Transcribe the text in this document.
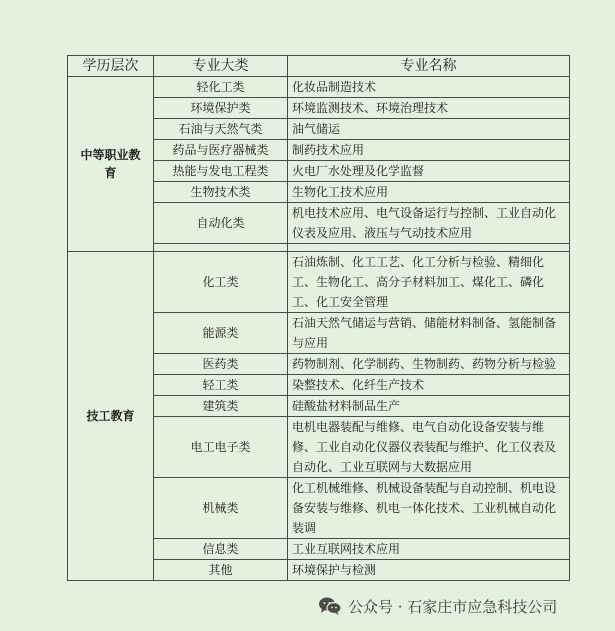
学历层次	专业大类	专业名称
中等职业教育	轻化工类	化妆品制造技术
	环境保护类	环境监测技术、环境治理技术
	石油与天然气类	油气储运
	药品与医疗器械类	制药技术应用
	热能与发电工程类	火电厂水处理及化学监督
	生物技术类	生物化工技术应用
	自动化类	机电技术应用、电气设备运行与控制、工业自动化仪表及应用、液压与气动技术应用

技工教育	化工类	石油炼制、化工工艺、化工分析与检验、精细化工、生物化工、高分子材料加工、煤化工、磷化工、化工安全管理
	能源类	石油天然气储运与营销、储能材料制备、氢能制备与应用
	医药类	药物制剂、化学制药、生物制药、药物分析与检验
	轻工类	染整技术、化纤生产技术
	建筑类	硅酸盐材料制品生产
	电工电子类	电机电器装配与维修、电气自动化设备安装与维修、工业自动化仪器仪表装配与维护、化工仪表及自动化、工业互联网与大数据应用
	机械类	化工机械维修、机械设备装配与自动控制、机电设备安装与维修、机电一体化技术、工业机械自动化装调
	信息类	工业互联网技术应用
	其他	环境保护与检测
公众号 · 石家庄市应急科技公司
